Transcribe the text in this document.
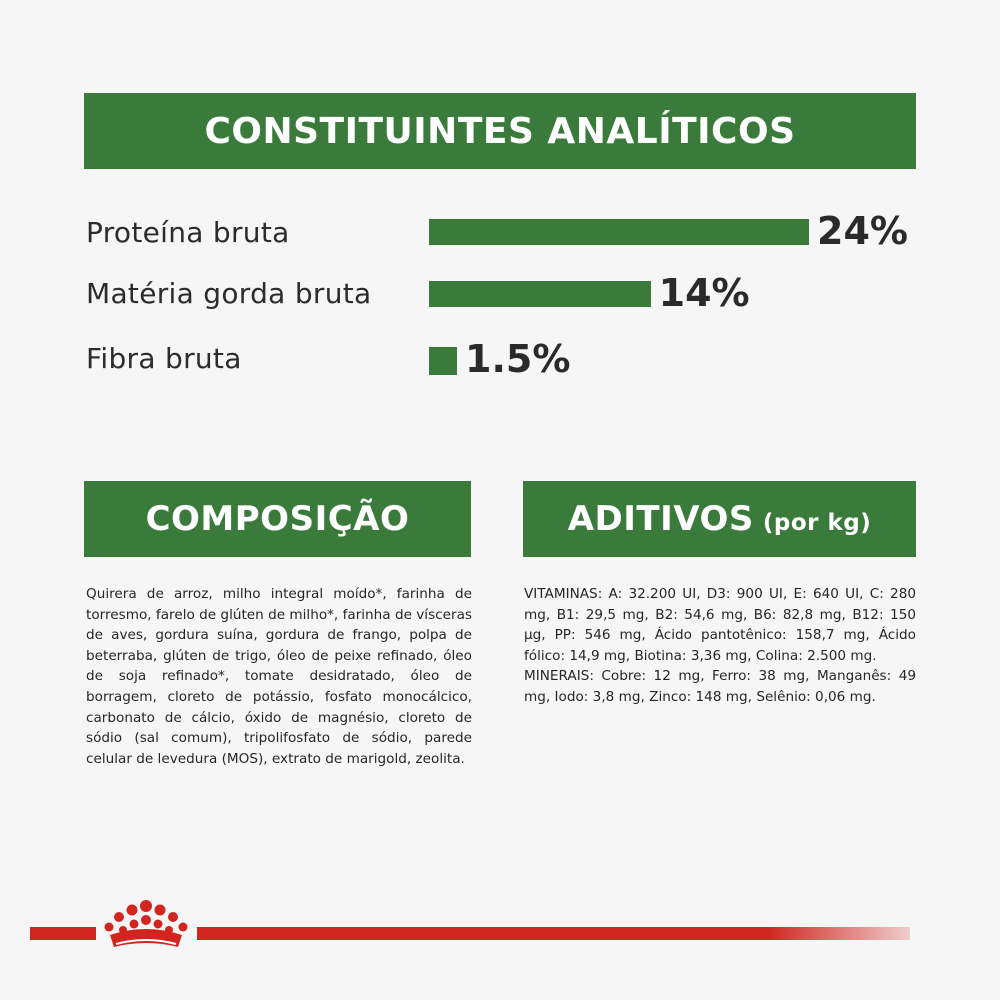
CONSTITUINTES ANALÍTICOS
Proteína bruta
Matéria gorda bruta
Fibra bruta
24%
14%
1.5%
COMPOSIÇÃO
Quirera de arroz, milho integral moído*, farinha de torresmo, farelo de glúten de milho*, farinha de vísceras de aves, gordura suína, gordura de frango, polpa de beterraba, glúten de trigo, óleo de peixe refinado, óleo de soja refinado*, tomate desidratado, óleo de borragem, cloreto de potássio, fosfato monocálcico, carbonato de cálcio, óxido de magnésio, cloreto de sódio (sal comum), tripolifosfato de sódio, parede celular de levedura (MOS), extrato de marigold, zeolita.
ADITIVOS (por kg)

VITAMINAS: A: 32.200 UI, D3: 900 UI, E: 640 UI, C: 280 mg, B1: 29,5 mg, B2: 54,6 mg, B6: 82,8 mg, B12: 150 µg, PP: 546 mg, Ácido pantotênico: 158,7 mg, Ácido fólico: 14,9 mg, Biotina: 3,36 mg, Colina: 2.500 mg.

MINERAIS: Cobre: 12 mg, Ferro: 38 mg, Manganês: 49 mg, Iodo: 3,8 mg, Zinco: 148 mg, Selênio: 0,06 mg.
